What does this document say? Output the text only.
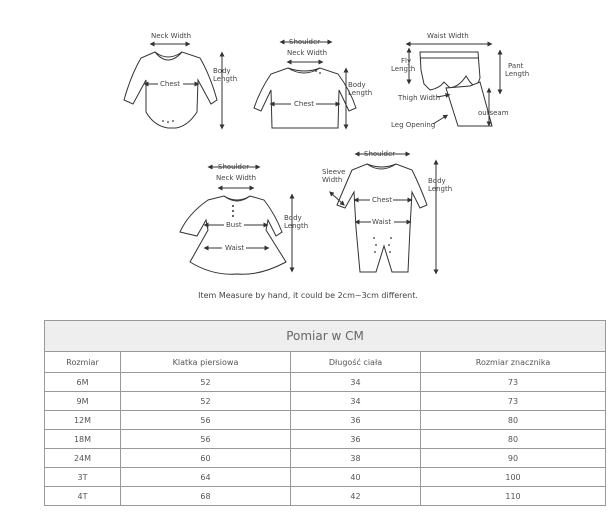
Neck Width
Chest
Body
Length
Shoulder
Neck Width
Chest
Body
Length
Waist Width
Fly
Length	Pant
Length
Thigh Width
outseam
Leg Opening
Shoulder
Neck Width
Bust
Waist
Body
Length
Shoulder
Sleeve
Width
Chest
Waist
Body
Length
Item Measure by hand, it could be 2cm~3cm different.
Pomiar w CM			
Rozmiar	Klatka piersiowa	Długość ciała	Rozmiar znacznika
6M	52	34	73
9M	52	34	73
12M	56	36	80
18M	56	36	80
24M	60	38	90
3T	64	40	100
4T	68	42	110
